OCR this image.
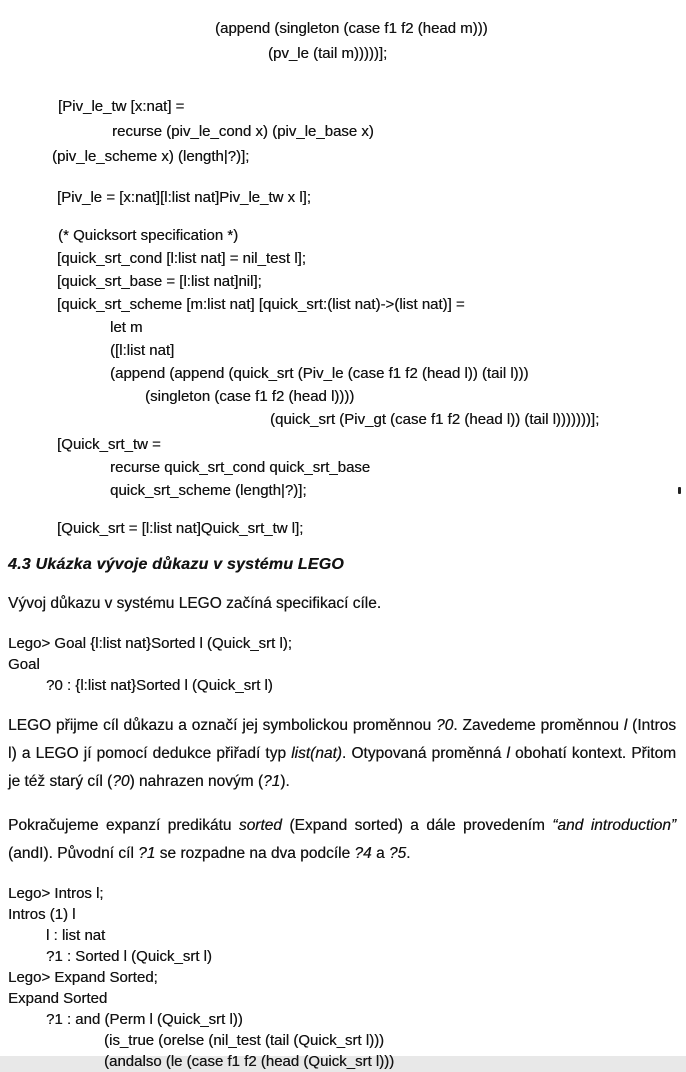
(append (singleton (case f1 f2 (head m)))
(pv_le (tail m)))))];
[Piv_le_tw [x:nat] =
recurse (piv_le_cond x) (piv_le_base x)
(piv_le_scheme x) (length|?)];
[Piv_le = [x:nat][l:list nat]Piv_le_tw x l];
(* Quicksort specification *)
[quick_srt_cond [l:list nat] = nil_test l];
[quick_srt_base = [l:list nat]nil];
[quick_srt_scheme [m:list nat] [quick_srt:(list nat)->(list nat)] =
let m
([l:list nat]
(append (append (quick_srt (Piv_le (case f1 f2 (head l)) (tail l)))
(singleton (case f1 f2 (head l))))
(quick_srt (Piv_gt (case f1 f2 (head l)) (tail l)))))))];
[Quick_srt_tw =
recurse quick_srt_cond quick_srt_base
quick_srt_scheme (length|?)];
[Quick_srt = [l:list nat]Quick_srt_tw l];
4.3 Ukázka vývoje důkazu v systému LEGO
Vývoj důkazu v systému LEGO začíná specifikací cíle.
Lego> Goal {l:list nat}Sorted l (Quick_srt l);
Goal
?0 : {l:list nat}Sorted l (Quick_srt l)

LEGO přijme cíl důkazu a označí jej symbolickou proměnnou ?0. Zavedeme proměnnou l (Intros l) a LEGO jí pomocí dedukce přiřadí typ list(nat). Otypovaná proměnná l obohatí kontext. Přitom je též starý cíl (?0) nahrazen novým (?1).

Pokračujeme expanzí predikátu sorted (Expand sorted) a dále provedením “and introduction” (andI). Původní cíl ?1 se rozpadne na dva podcíle ?4 a ?5.

Lego> Intros l;
Intros (1) l
l : list nat
?1 : Sorted l (Quick_srt l)
Lego> Expand Sorted;
Expand Sorted
?1 : and (Perm l (Quick_srt l))
(is_true (orelse (nil_test (tail (Quick_srt l)))
(andalso (le (case f1 f2 (head (Quick_srt l)))
